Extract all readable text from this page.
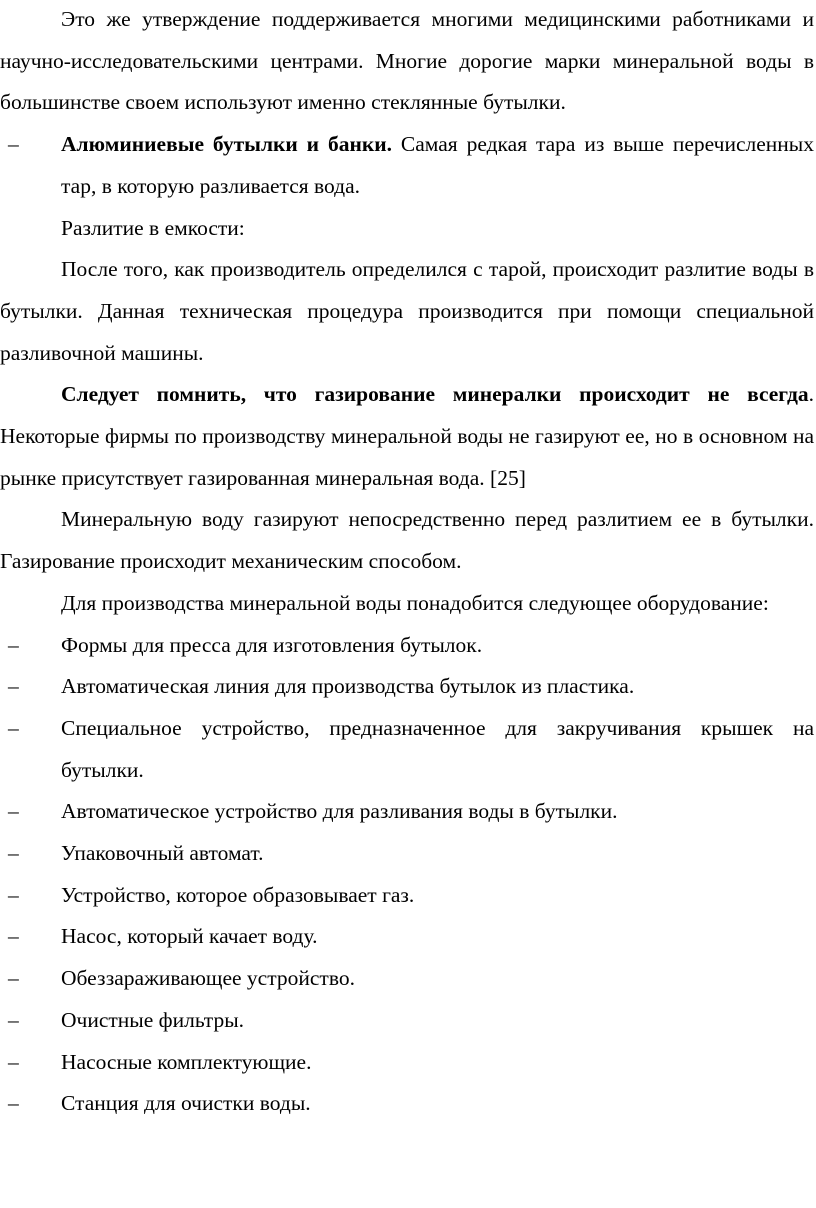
Это же утверждение поддерживается многими медицинскими работниками и научно-исследовательскими центрами. Многие дорогие марки минеральной воды в большинстве своем используют именно стеклянные бутылки.

– Алюминиевые бутылки и банки. Самая редкая тара из выше перечисленных тар, в которую разливается вода.

Разлитие в емкости:

После того, как производитель определился с тарой, происходит разлитие воды в бутылки. Данная техническая процедура производится при помощи специальной разливочной машины.

Следует помнить, что газирование минералки происходит не всегда. Некоторые фирмы по производству минеральной воды не газируют ее, но в основном на рынке присутствует газированная минеральная вода. [25]

Минеральную воду газируют непосредственно перед разлитием ее в бутылки. Газирование происходит механическим способом.

Для производства минеральной воды понадобится следующее оборудование:

– Формы для пресса для изготовления бутылок.

– Автоматическая линия для производства бутылок из пластика.

– Специальное устройство, предназначенное для закручивания крышек на бутылки.

– Автоматическое устройство для разливания воды в бутылки.

– Упаковочный автомат.

– Устройство, которое образовывает газ.

– Насос, который качает воду.

– Обеззараживающее устройство.

– Очистные фильтры.

– Насосные комплектующие.

– Станция для очистки воды.
